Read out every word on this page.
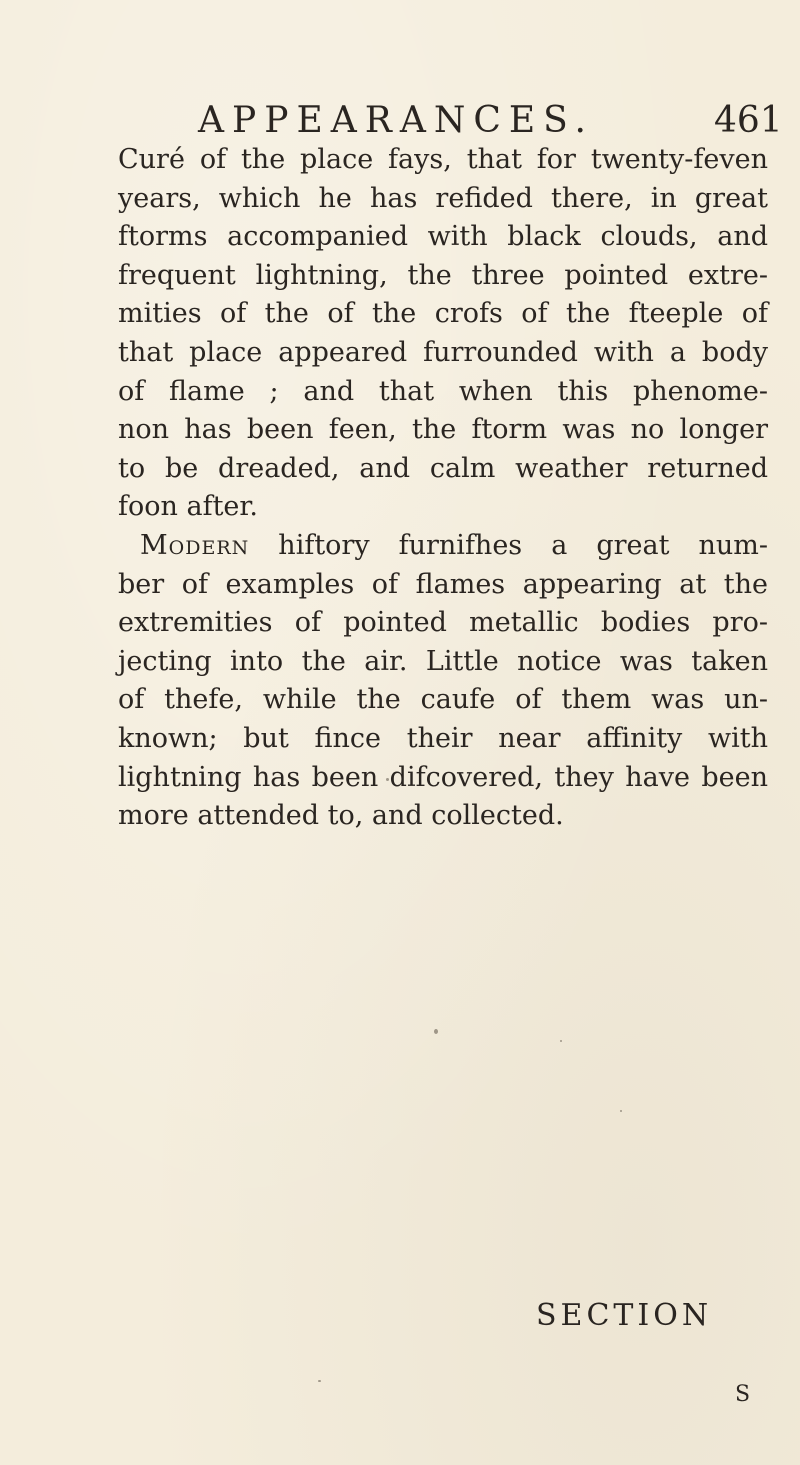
APPEARANCES.	461
Curé of the place fays, that for twenty-feven
years, which he has refided there, in great
ftorms accompanied with black clouds, and
frequent lightning, the three pointed extre-
mities of the of the crofs of the fteeple of
that place appeared furrounded with a body
of flame ; and that when this phenome-
non has been feen, the ftorm was no longer
to be dreaded, and calm weather returned
foon after.
Modern hiftory furnifhes a great num-
ber of examples of flames appearing at the
extremities of pointed metallic bodies pro-
jecting into the air. Little notice was taken
of thefe, while the caufe of them was un-
known; but fince their near affinity with
lightning has been difcovered, they have been
more attended to, and collected.
SECTION
S
